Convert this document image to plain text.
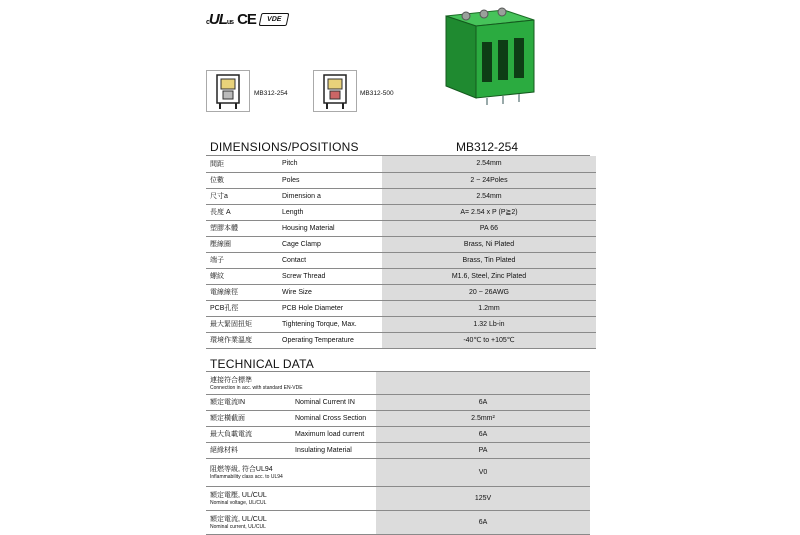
cULus CE	VDE
MB312-254	MB312-500
DIMENSIONS/POSITIONS	MB312-254
間距	Pitch	2.54mm
位數	Poles	2 ~ 24Poles
尺寸a	Dimension a	2.54mm
長度 A	Length	A= 2.54 x P (P≧2)
塑膠本體	Housing Material	PA 66
壓線圈	Cage Clamp	Brass, Ni Plated
端子	Contact	Brass, Tin Plated
螺紋	Screw Thread	M1.6, Steel, Zinc Plated
電線線徑	Wire Size	20 ~ 26AWG
PCB孔徑	PCB Hole Diameter	1.2mm
最大緊固扭矩	Tightening Torque, Max.	1.32 Lb-in
環境作業溫度	Operating Temperature	-40℃ to +105℃
TECHNICAL DATA
連接符合標準
Connection in acc. with standard EN-VDE		

額定電流IN	Nominal Current IN	6A
額定橫截面	Nominal Cross Section	2.5mm²
最大負載電流	Maximum load current	6A
絕緣材料	Insulating Material	PA
阻燃等級, 符合UL94
Inflammability class acc. to UL94		V0
額定電壓, UL/CUL
Nominal voltage, UL/CUL		125V
額定電流, UL/CUL
Nominal current, UL/CUL		6A
